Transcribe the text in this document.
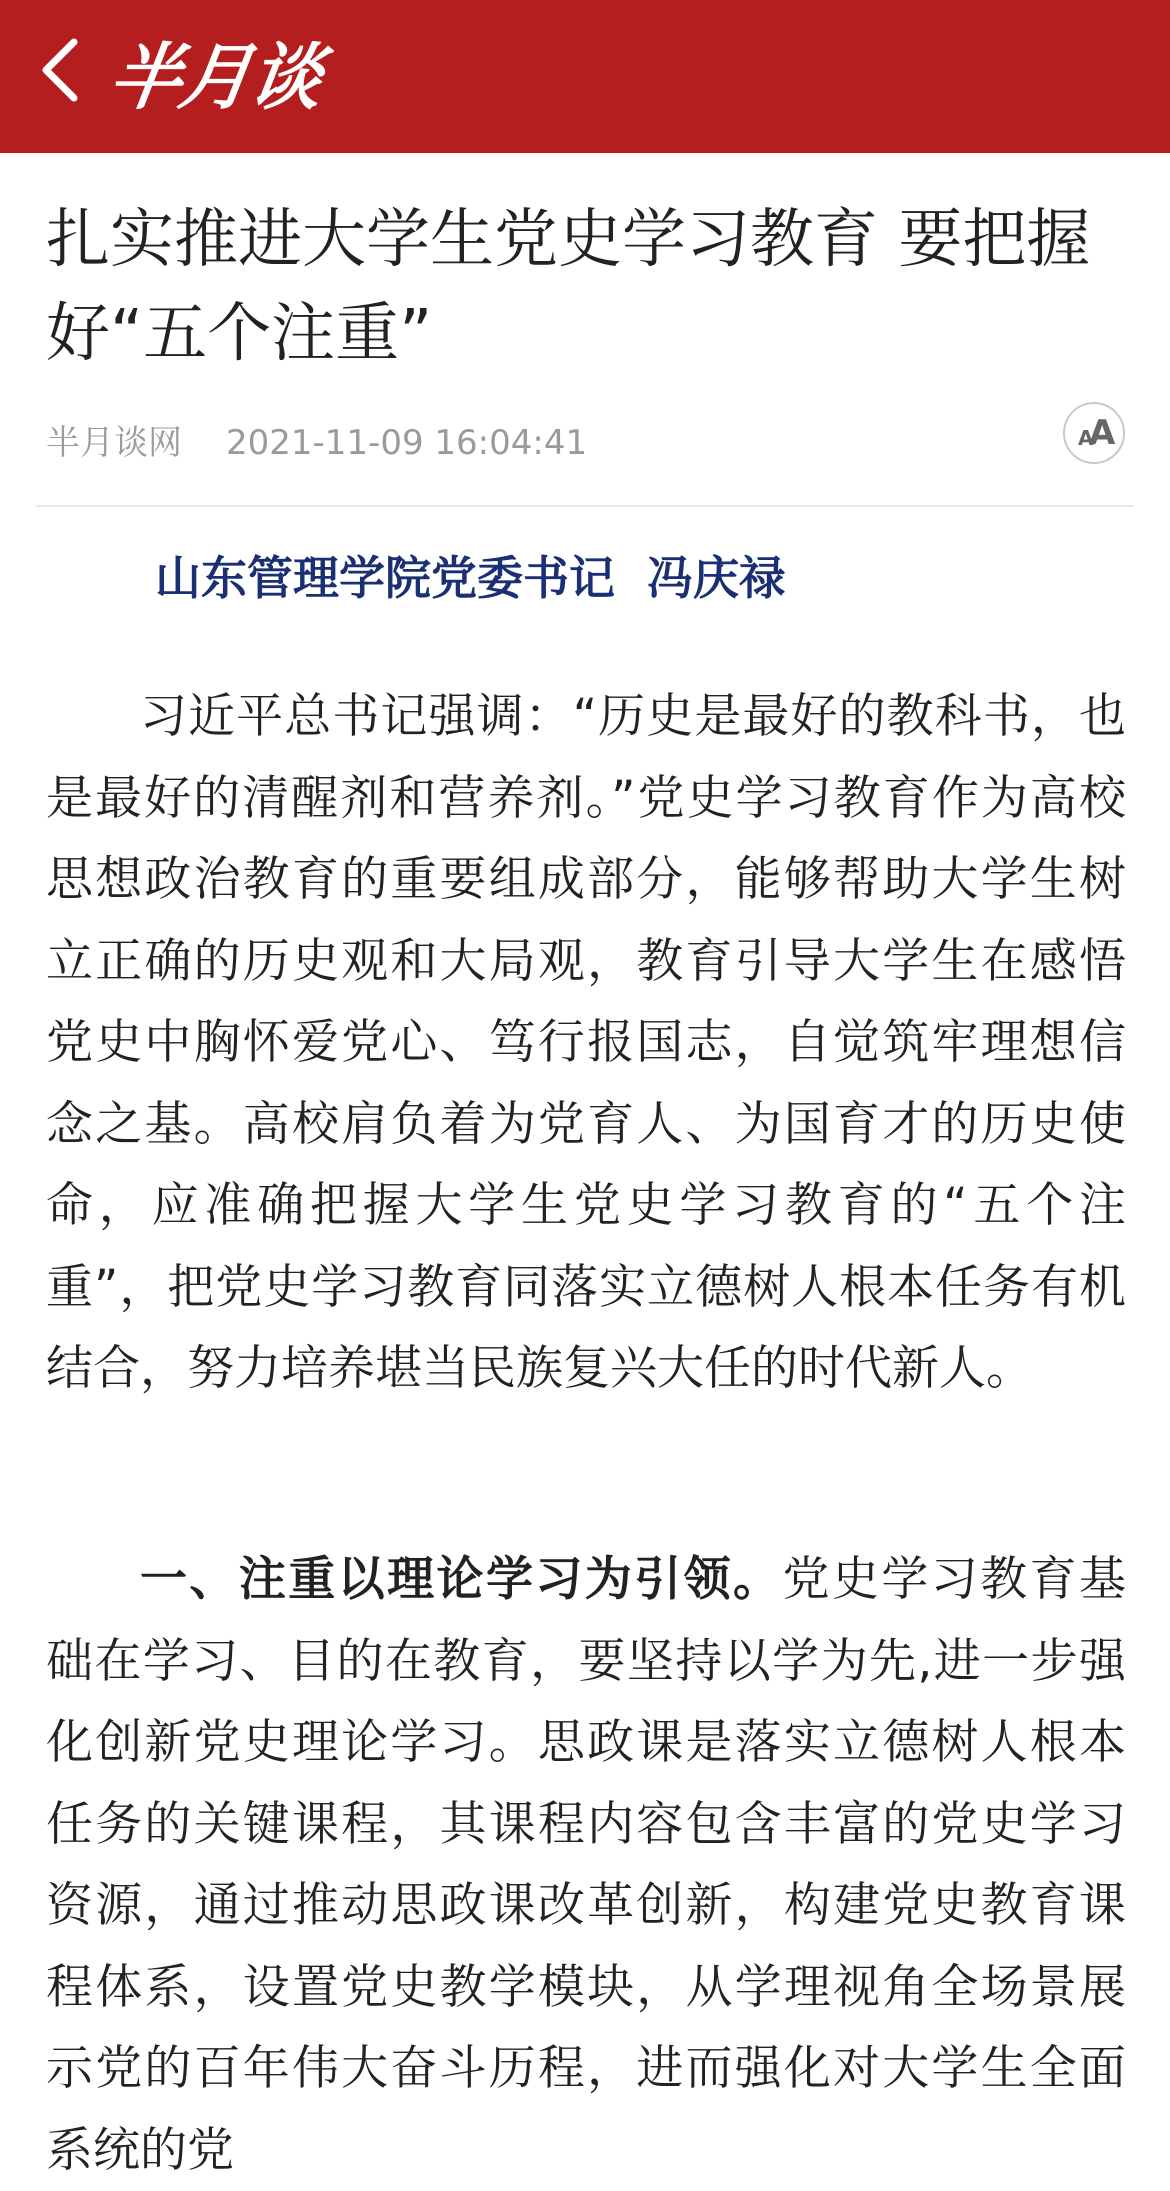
半月谈
扎实推进大学生党史学习教育 要把握好“五个注重”
半月谈网 2021-11-09 16:04:41	A
A
山东管理学院党委书记  冯庆禄

习近平总书记强调：“历史是最好的教科书，也是最好的清醒剂和营养剂。”党史学习教育作为高校思想政治教育的重要组成部分，能够帮助大学生树立正确的历史观和大局观，教育引导大学生在感悟党史中胸怀爱党心、笃行报国志，自觉筑牢理想信念之基。高校肩负着为党育人、为国育才的历史使命，应准确把握大学生党史学习教育的“五个注重”，把党史学习教育同落实立德树人根本任务有机结合，努力培养堪当民族复兴大任的时代新人。

一、注重以理论学习为引领。党史学习教育基础在学习、目的在教育，要坚持以学为先,进一步强化创新党史理论学习。思政课是落实立德树人根本任务的关键课程，其课程内容包含丰富的党史学习资源，通过推动思政课改革创新，构建党史教育课程体系，设置党史教学模块，从学理视角全场景展示党的百年伟大奋斗历程，进而强化对大学生全面系统的党
